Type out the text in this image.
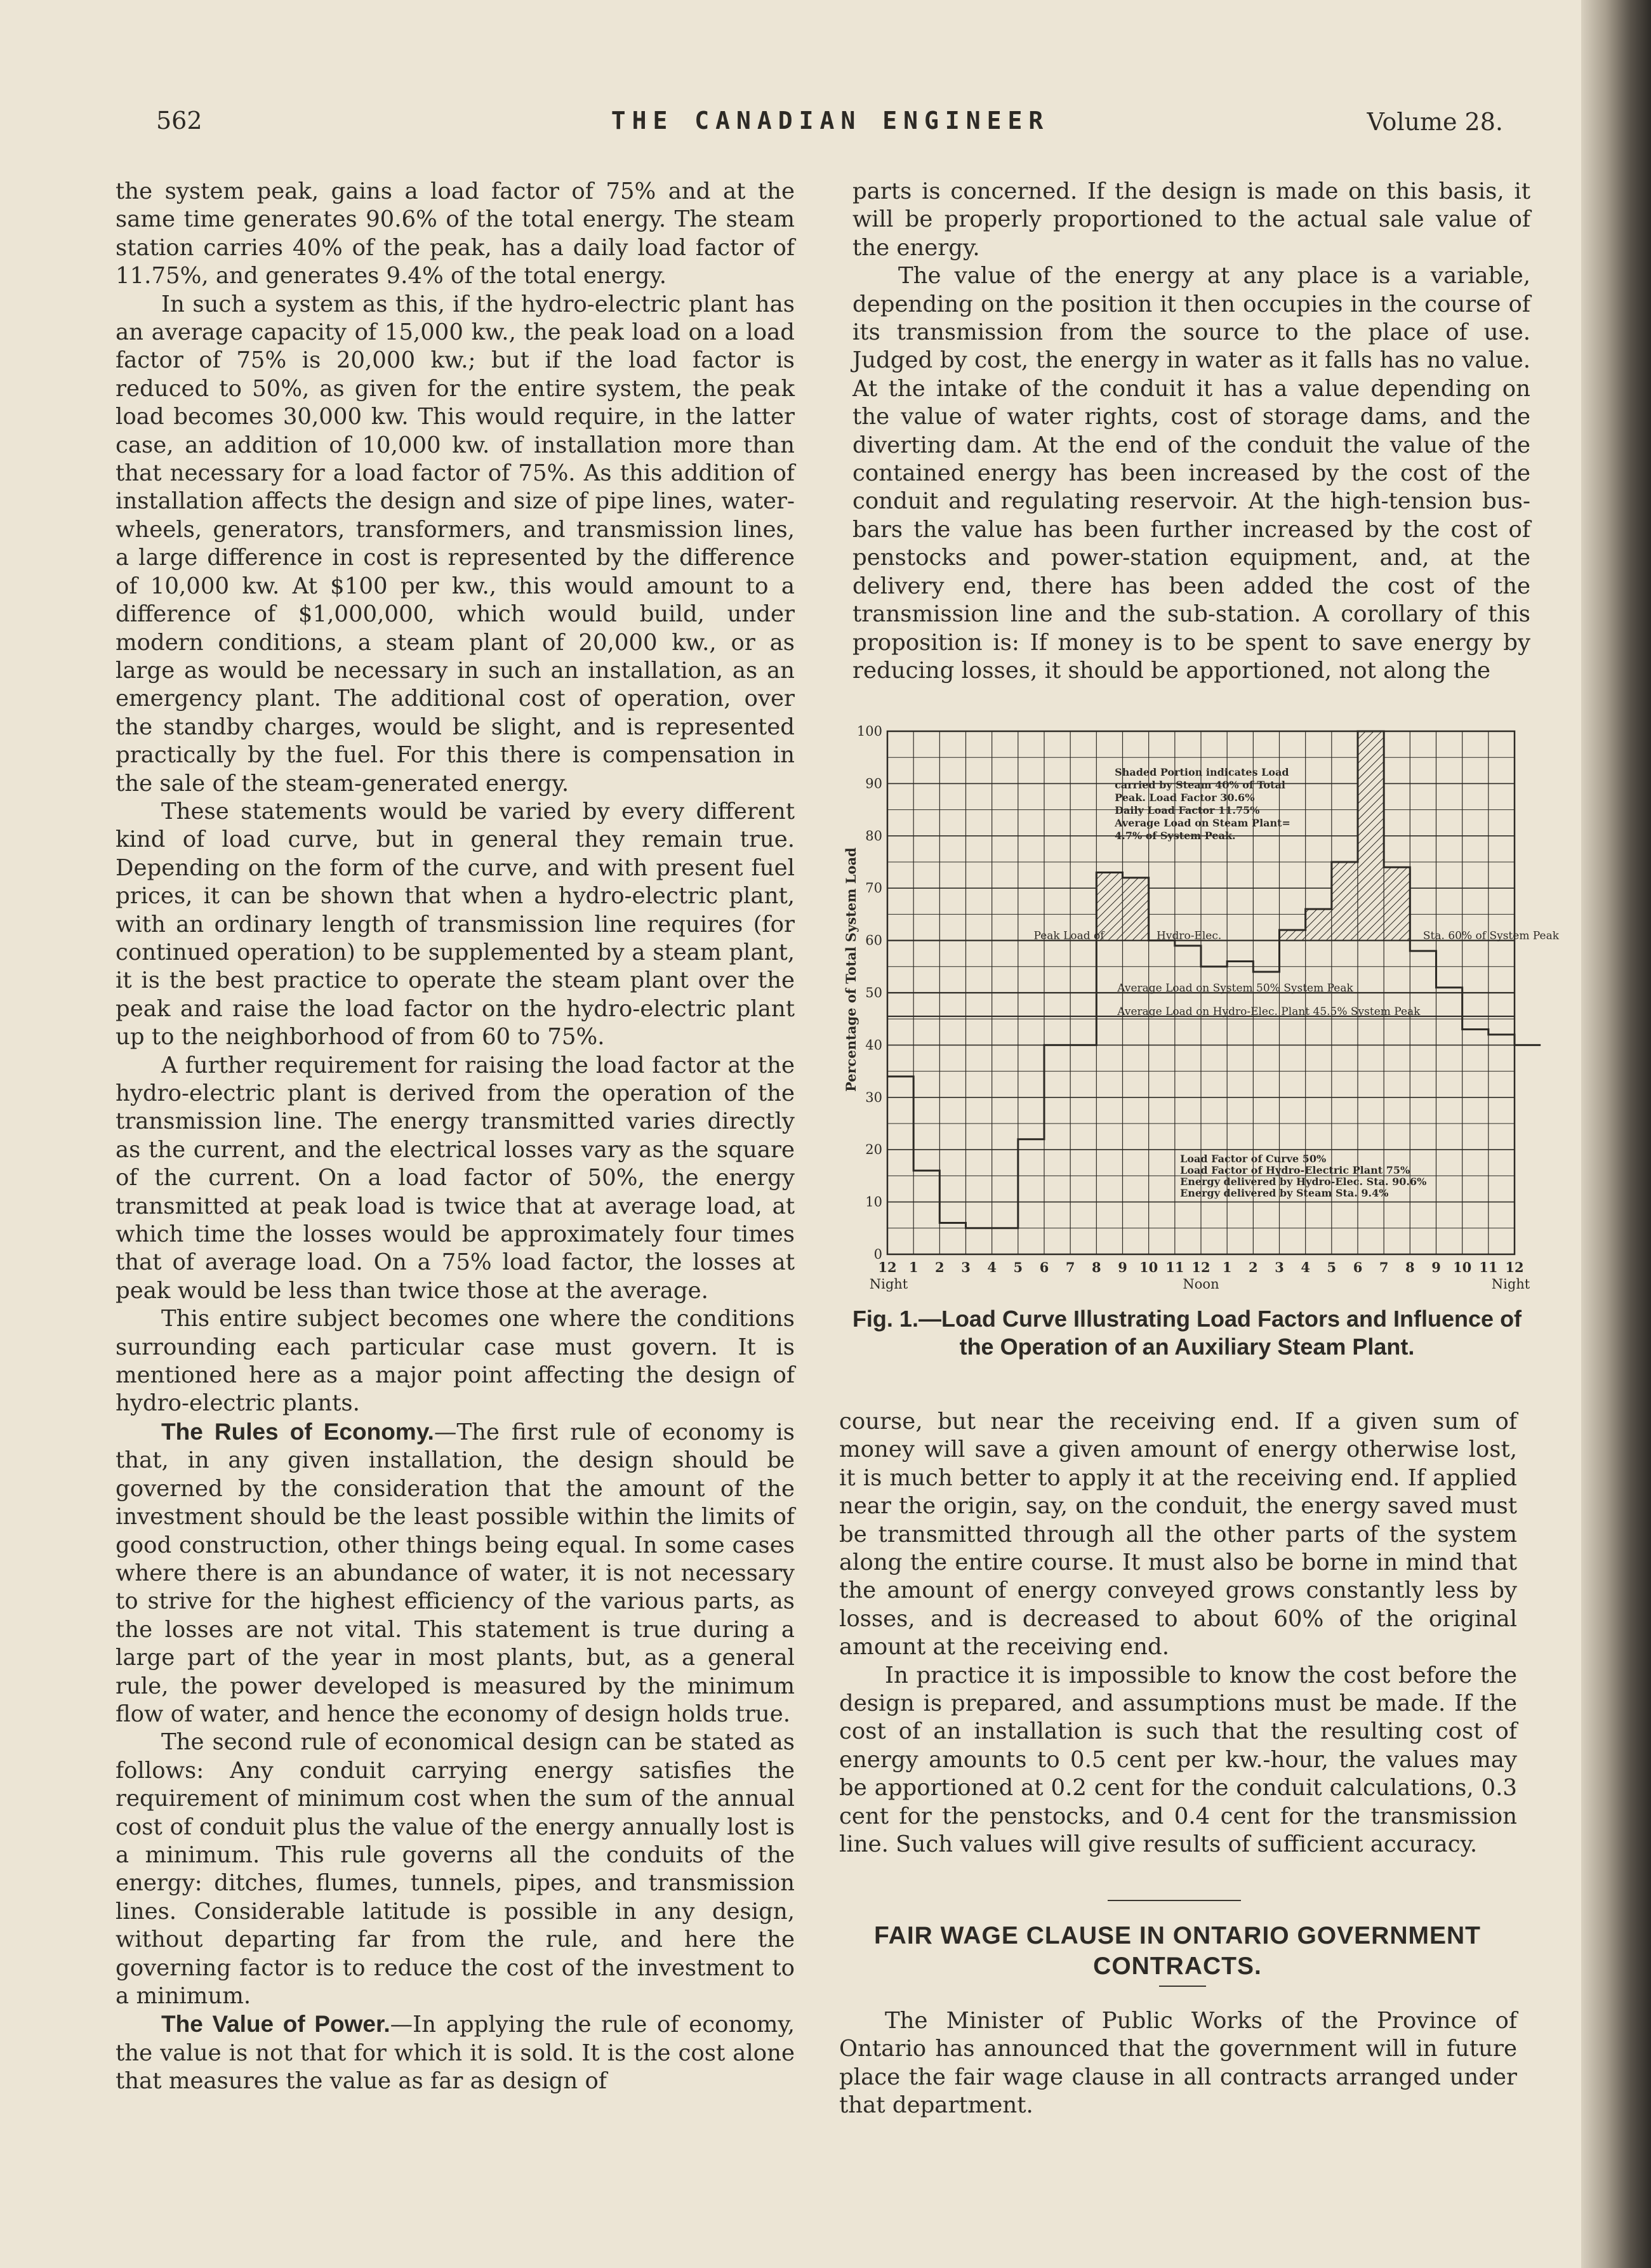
562	THE CANADIAN ENGINEER	Volume 28.

the system peak, gains a load factor of 75% and at the same time generates 90.6% of the total energy. The steam station carries 40% of the peak, has a daily load factor of 11.75%, and generates 9.4% of the total energy.

In such a system as this, if the hydro-electric plant has an average capacity of 15,000 kw., the peak load on a load factor of 75% is 20,000 kw.; but if the load factor is reduced to 50%, as given for the entire system, the peak load becomes 30,000 kw. This would require, in the latter case, an addition of 10,000 kw. of installation more than that necessary for a load factor of 75%. As this addition of installation affects the design and size of pipe lines, water-wheels, generators, transformers, and transmission lines, a large difference in cost is represented by the difference of 10,000 kw. At $100 per kw., this would amount to a difference of $1,000,000, which would build, under modern conditions, a steam plant of 20,000 kw., or as large as would be necessary in such an installation, as an emergency plant. The additional cost of operation, over the standby charges, would be slight, and is represented practically by the fuel. For this there is compensation in the sale of the steam-generated energy.

These statements would be varied by every different kind of load curve, but in general they remain true. Depending on the form of the curve, and with present fuel prices, it can be shown that when a hydro-electric plant, with an ordinary length of transmission line requires (for continued operation) to be supplemented by a steam plant, it is the best practice to operate the steam plant over the peak and raise the load factor on the hydro-electric plant up to the neighborhood of from 60 to 75%.

A further requirement for raising the load factor at the hydro-electric plant is derived from the operation of the transmission line. The energy transmitted varies directly as the current, and the electrical losses vary as the square of the current. On a load factor of 50%, the energy transmitted at peak load is twice that at average load, at which time the losses would be approximately four times that of average load. On a 75% load factor, the losses at peak would be less than twice those at the average.

This entire subject becomes one where the conditions surrounding each particular case must govern. It is mentioned here as a major point affecting the design of hydro-electric plants.

The Rules of Economy.—The first rule of economy is that, in any given installation, the design should be governed by the consideration that the amount of the investment should be the least possible within the limits of good construction, other things being equal. In some cases where there is an abundance of water, it is not necessary to strive for the highest efficiency of the various parts, as the losses are not vital. This statement is true during a large part of the year in most plants, but, as a general rule, the power developed is measured by the minimum flow of water, and hence the economy of design holds true.

The second rule of economical design can be stated as follows: Any conduit carrying energy satisfies the requirement of minimum cost when the sum of the annual cost of conduit plus the value of the energy annually lost is a minimum. This rule governs all the conduits of the energy: ditches, flumes, tunnels, pipes, and transmission lines. Considerable latitude is possible in any design, without departing far from the rule, and here the governing factor is to reduce the cost of the investment to a minimum.

The Value of Power.—In applying the rule of economy, the value is not that for which it is sold. It is the cost alone that measures the value as far as design of

parts is concerned. If the design is made on this basis, it will be properly proportioned to the actual sale value of the energy.

The value of the energy at any place is a variable, depending on the position it then occupies in the course of its transmission from the source to the place of use. Judged by cost, the energy in water as it falls has no value. At the intake of the conduit it has a value depending on the value of water rights, cost of storage dams, and the diverting dam. At the end of the conduit the value of the contained energy has been increased by the cost of the conduit and regulating reservoir. At the high-tension bus-bars the value has been further increased by the cost of penstocks and power-station equipment, and, at the delivery end, there has been added the cost of the transmission line and the sub-station. A corollary of this proposition is: If money is to be spent to save energy by reducing losses, it should be apportioned, not along the

0
10
20
30
40
50
60
70
80
90
100
12 1 2 3 4 5 6 7 8 9 10 11 12 1 2 3 4 5 6 7 8 9 10 11 12
Night	Noon	Night
Shaded Portion indicates Load
carried by Steam 40% of Total
Peak. Load Factor 30.6%
Daily Load Factor 11.75%
Average Load on Steam Plant=
4.7% of System Peak.
Load Factor of Curve 50%
Load Factor of Hydro-Electric Plant 75%
Energy delivered by Hydro-Elec. Sta. 90.6%
Energy delivered by Steam Sta. 9.4%
Peak Load of	Hydro-Elec.	Sta. 60% of System Peak
Average Load on System 50% System Peak
Average Load on Hydro-Elec. Plant 45.5% System Peak
Percentage of Total System Load
Fig. 1.—Load Curve Illustrating Load Factors and Influence of the Operation of an Auxiliary Steam Plant.

course, but near the receiving end. If a given sum of money will save a given amount of energy otherwise lost, it is much better to apply it at the receiving end. If applied near the origin, say, on the conduit, the energy saved must be transmitted through all the other parts of the system along the entire course. It must also be borne in mind that the amount of energy conveyed grows constantly less by losses, and is decreased to about 60% of the original amount at the receiving end.

In practice it is impossible to know the cost before the design is prepared, and assumptions must be made. If the cost of an installation is such that the resulting cost of energy amounts to 0.5 cent per kw.-hour, the values may be apportioned at 0.2 cent for the conduit calculations, 0.3 cent for the penstocks, and 0.4 cent for the transmission line. Such values will give results of sufficient accuracy.

FAIR WAGE CLAUSE IN ONTARIO GOVERNMENT CONTRACTS.

The Minister of Public Works of the Province of Ontario has announced that the government will in future place the fair wage clause in all contracts arranged under that department.
